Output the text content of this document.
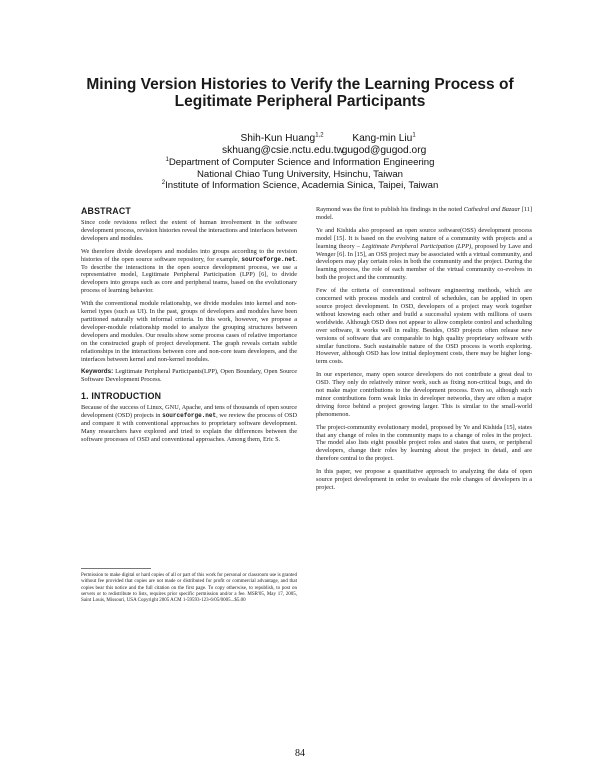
Mining Version Histories to Verify the Learning Process of Legitimate Peripheral Participants
Shih-Kun Huang$^{1,2}$
skhuang@csie.nctu.edu.tw
Kang-min Liu$^1$
gugod@gugod.org
$^1$Department of Computer Science and Information Engineering
National Chiao Tung University, Hsinchu, Taiwan
$^2$Institute of Information Science, Academia Sinica, Taipei, Taiwan
ABSTRACT

Since code revisions reflect the extent of human involvement in the software development process, revision histories reveal the interactions and interfaces between developers and modules.

We therefore divide developers and modules into groups according to the revision histories of the open source software repository, for example, sourceforge.net. To describe the interactions in the open source development process, we use a representative model, Legitimate Peripheral Participation (LPP) [6], to divide developers into groups such as core and peripheral teams, based on the evolutionary process of learning behavior.

With the conventional module relationship, we divide modules into kernel and non-kernel types (such as UI). In the past, groups of developers and modules have been partitioned naturally with informal criteria. In this work, however, we propose a developer-module relationship model to analyze the grouping structures between developers and modules. Our results show some process cases of relative importance on the constructed graph of project development. The graph reveals certain subtle relationships in the interactions between core and non-core team developers, and the interfaces between kernel and non-kernel modules.

Keywords: Legitimate Peripheral Participants(LPP), Open Boundary, Open Source Software Development Process.

1. INTRODUCTION

Because of the success of Linux, GNU, Apache, and tens of thousands of open source development (OSD) projects in sourceforge.net, we review the process of OSD and compare it with conventional approaches to proprietary software development. Many researchers have explored and tried to explain the differences between the software processes of OSD and conventional approaches. Among them, Eric S.

Permission to make digital or hard copies of all or part of this work for personal or classroom use is granted without fee provided that copies are not made or distributed for profit or commercial advantage, and that copies bear this notice and the full citation on the first page. To copy otherwise, to republish, to post on servers or to redistribute to lists, requires prior specific permission and/or a fee. MSR'05, May 17, 2005, Saint Louis, Missouri, USA Copyright 2005 ACM 1-59593-123-6/05/0005...$5.00

Raymond was the first to publish his findings in the noted Cathedral and Bazaar [11] model.

Ye and Kishida also proposed an open source software(OSS) development process model [15]. It is based on the evolving nature of a community with projects and a learning theory – Legitimate Peripheral Participation (LPP), proposed by Lave and Wenger [6]. In [15], an OSS project may be associated with a virtual community, and developers may play certain roles in both the community and the project. During the learning process, the role of each member of the virtual community co-evolves in both the project and the community.

Few of the criteria of conventional software engineering methods, which are concerned with process models and control of schedules, can be applied in open source project development. In OSD, developers of a project may work together without knowing each other and build a successful system with millions of users worldwide. Although OSD does not appear to allow complete control and scheduling over software, it works well in reality. Besides, OSD projects often release new versions of software that are comparable to high quality proprietary software with similar functions. Such sustainable nature of the OSD process is worth exploring. However, although OSD has low initial deployment costs, there may be higher long-term costs.

In our experience, many open source developers do not contribute a great deal to OSD. They only do relatively minor work, such as fixing non-critical bugs, and do not make major contributions to the development process. Even so, although such minor contributions form weak links in developer networks, they are often a major driving force behind a project growing larger. This is similar to the small-world phenomenon.

The project-community evolutionary model, proposed by Ye and Kishida [15], states that any change of roles in the community maps to a change of roles in the project. The model also lists eight possible project roles and states that users, or peripheral developers, change their roles by learning about the project in detail, and are therefore central to the project.

In this paper, we propose a quantitative approach to analyzing the data of open source project development in order to evaluate the role changes of developers in a project.

84
